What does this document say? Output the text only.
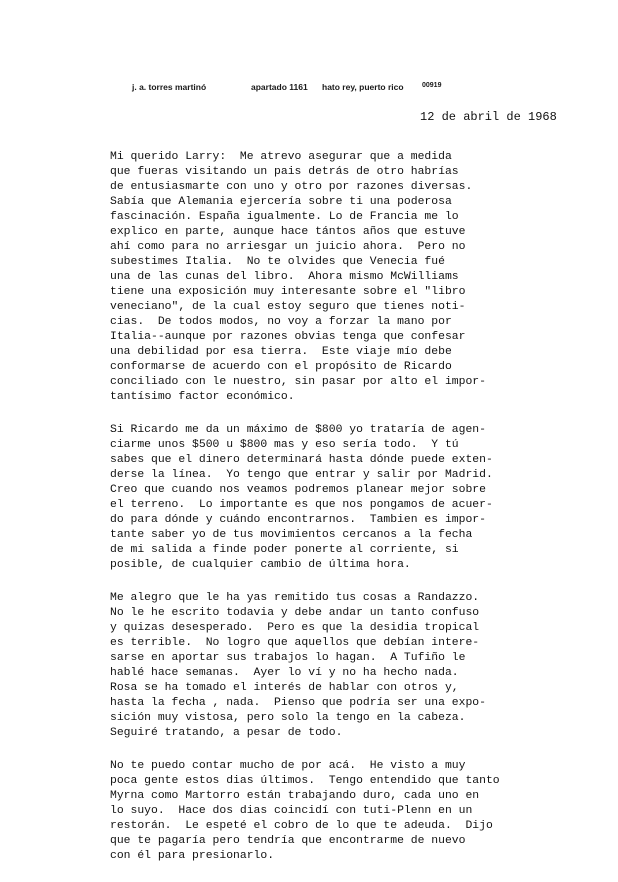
j. a. torres martinó	apartado 1161 hato rey, puerto rico	00919
12 de abril de 1968
Mi querido Larry:  Me atrevo asegurar que a medida
que fueras visitando un pais detrás de otro habrías
de entusiasmarte con uno y otro por razones diversas.
Sabía que Alemania ejercería sobre ti una poderosa
fascinación. España igualmente. Lo de Francia me lo
explico en parte, aunque hace tántos años que estuve
ahí como para no arriesgar un juicio ahora.  Pero no
subestimes Italia.  No te olvides que Venecia fué
una de las cunas del libro.  Ahora mismo McWilliams
tiene una exposición muy interesante sobre el "libro
veneciano", de la cual estoy seguro que tienes noti-
cias.  De todos modos, no voy a forzar la mano por
Italia--aunque por razones obvias tenga que confesar
una debilidad por esa tierra.  Este viaje mío debe
conformarse de acuerdo con el propósito de Ricardo
conciliado con le nuestro, sin pasar por alto el impor-
tantísimo factor económico.
Si Ricardo me da un máximo de $800 yo trataría de agen-
ciarme unos $500 u $800 mas y eso sería todo.  Y tú
sabes que el dinero determinará hasta dónde puede exten-
derse la línea.  Yo tengo que entrar y salir por Madrid.
Creo que cuando nos veamos podremos planear mejor sobre
el terreno.  Lo importante es que nos pongamos de acuer-
do para dónde y cuándo encontrarnos.  Tambien es impor-
tante saber yo de tus movimientos cercanos a la fecha
de mi salida a finde poder ponerte al corriente, si
posible, de cualquier cambio de última hora.
Me alegro que le ha yas remitido tus cosas a Randazzo.
No le he escrito todavia y debe andar un tanto confuso
y quizas desesperado.  Pero es que la desidia tropical
es terrible.  No logro que aquellos que debían intere-
sarse en aportar sus trabajos lo hagan.  A Tufiño le
hablé hace semanas.  Ayer lo ví y no ha hecho nada.
Rosa se ha tomado el interés de hablar con otros y,
hasta la fecha , nada.  Pienso que podría ser una expo-
sición muy vistosa, pero solo la tengo en la cabeza.
Seguiré tratando, a pesar de todo.
No te puedo contar mucho de por acá.  He visto a muy
poca gente estos dias últimos.  Tengo entendido que tanto
Myrna como Martorro están trabajando duro, cada uno en
lo suyo.  Hace dos dias coincidí con tuti-Plenn en un
restorán.  Le espeté el cobro de lo que te adeuda.  Dijo
que te pagaría pero tendría que encontrarme de nuevo
con él para presionarlo.
